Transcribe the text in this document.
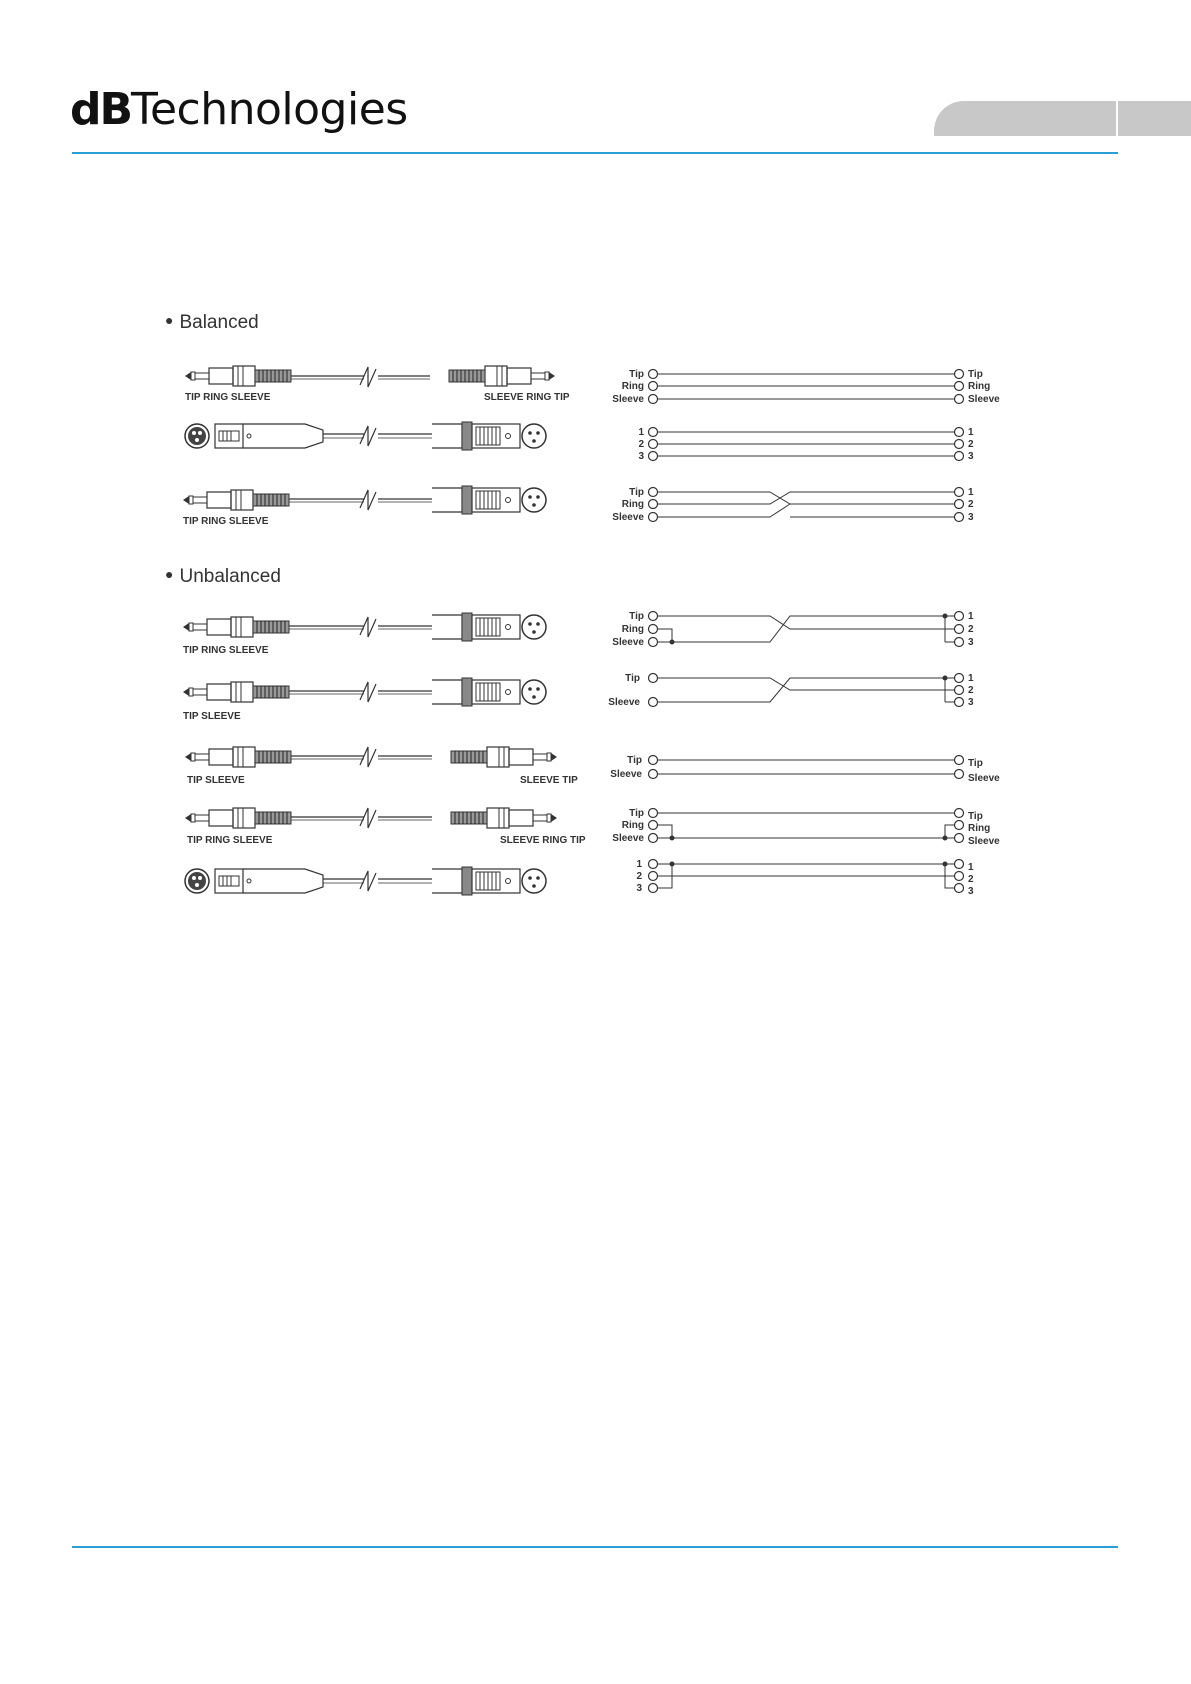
dBTechnologies
● Balanced
● Unbalanced
TIP RING SLEEVE	SLEEVE RING TIP
TIP RING SLEEVE
Tip
Ring
Sleeve
Tip
Ring
Sleeve
1
2
3
1
2
3
Tip
Ring
Sleeve
1
2
3
TIP RING SLEEVE
TIP SLEEVE
TIP SLEEVE	SLEEVE TIP
TIP RING SLEEVE	SLEEVE RING TIP
Tip
Ring
Sleeve
1
2
3
Tip
Sleeve
1
2
3
Tip
Sleeve
Tip
Sleeve
Tip
Ring
Sleeve
Tip
Ring
Sleeve
1
2
3
1
2
3
